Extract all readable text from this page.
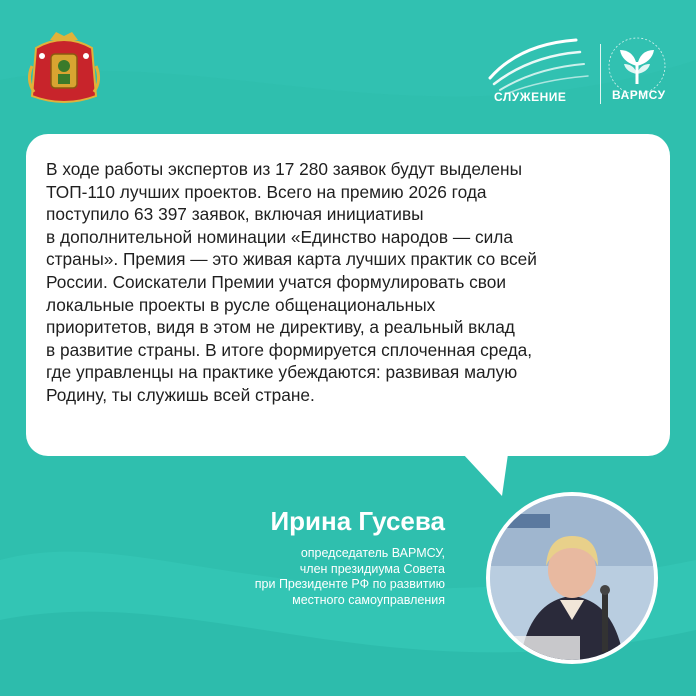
СЛУЖЕНИЕ	ВАРМСУ
В ходе работы экспертов из 17 280 заявок будут выделены
ТОП-110 лучших проектов. Всего на премию 2026 года
поступило 63 397 заявок, включая инициативы
в дополнительной номинации «Единство народов — сила
страны». Премия — это живая карта лучших практик со всей
России. Соискатели Премии учатся формулировать свои
локальные проекты в русле общенациональных
приоритетов, видя в этом не директиву, а реальный вклад
в развитие страны. В итоге формируется сплоченная среда,
где управленцы на практике убеждаются: развивая малую
Родину, ты служишь всей стране.
Ирина Гусева
опредседатель ВАРМСУ,
член президиума Совета
при Президенте РФ по развитию
местного самоуправления
